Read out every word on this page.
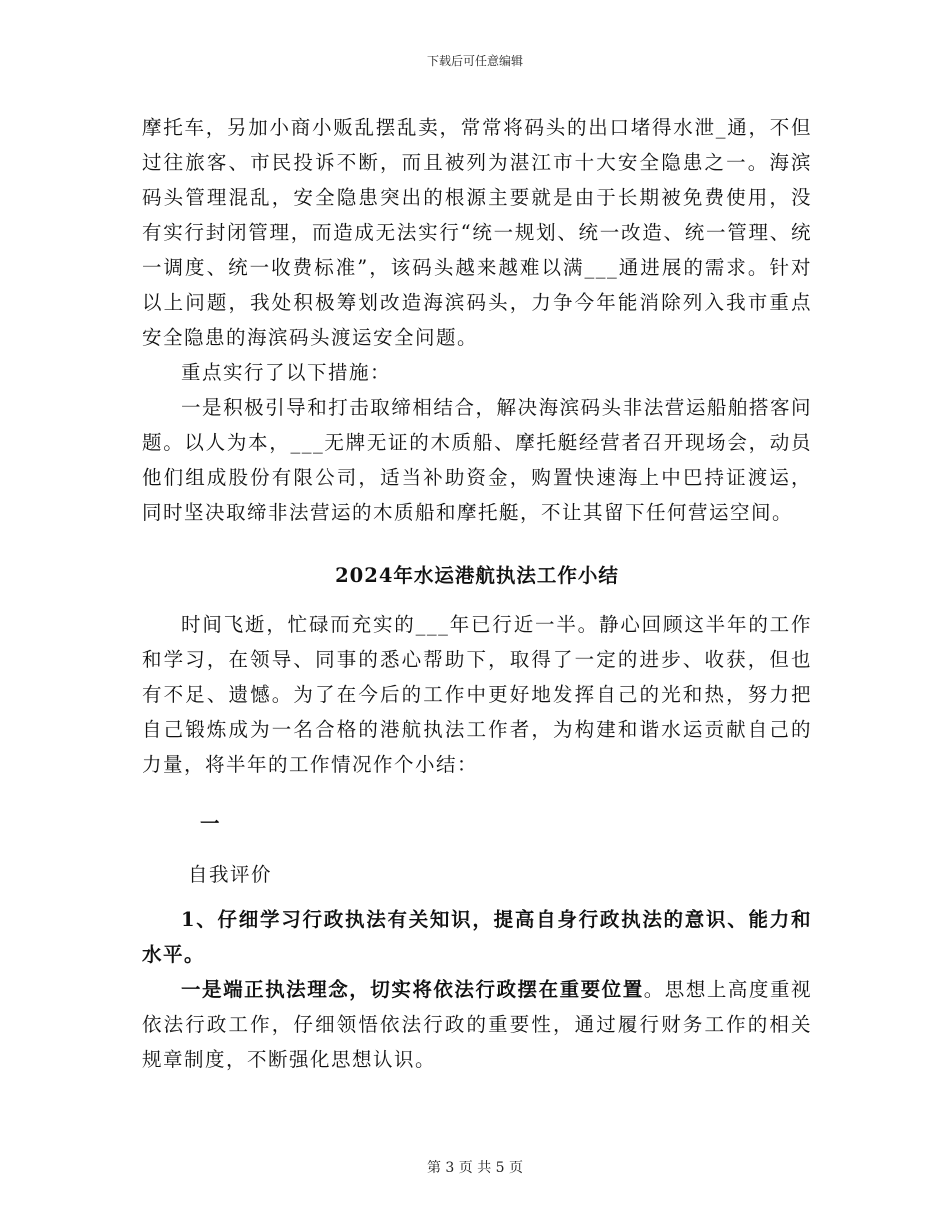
下载后可任意编辑

摩托车，另加小商小贩乱摆乱卖，常常将码头的出口堵得水泄_通，不但过往旅客、市民投诉不断，而且被列为湛江市十大安全隐患之一。海滨码头管理混乱，安全隐患突出的根源主要就是由于长期被免费使用，没有实行封闭管理，而造成无法实行“统一规划、统一改造、统一管理、统一调度、统一收费标准”，该码头越来越难以满___通进展的需求。针对以上问题，我处积极筹划改造海滨码头，力争今年能消除列入我市重点安全隐患的海滨码头渡运安全问题。

重点实行了以下措施：

一是积极引导和打击取缔相结合，解决海滨码头非法营运船舶搭客问题。以人为本，___无牌无证的木质船、摩托艇经营者召开现场会，动员他们组成股份有限公司，适当补助资金，购置快速海上中巴持证渡运，同时坚决取缔非法营运的木质船和摩托艇，不让其留下任何营运空间。

2024年水运港航执法工作小结

时间飞逝，忙碌而充实的___年已行近一半。静心回顾这半年的工作和学习，在领导、同事的悉心帮助下，取得了一定的进步、收获，但也有不足、遗憾。为了在今后的工作中更好地发挥自己的光和热，努力把自己锻炼成为一名合格的港航执法工作者，为构建和谐水运贡献自己的力量，将半年的工作情况作个小结：

一

自我评价

1、仔细学习行政执法有关知识，提高自身行政执法的意识、能力和水平。

一是端正执法理念，切实将依法行政摆在重要位置。思想上高度重视依法行政工作，仔细领悟依法行政的重要性，通过履行财务工作的相关规章制度，不断强化思想认识。

第 3 页 共 5 页
